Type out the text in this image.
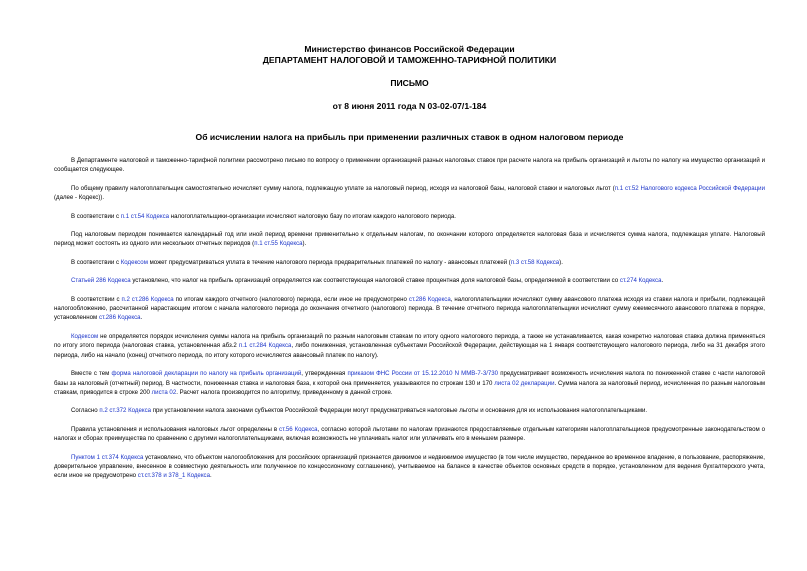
Министерство финансов Российской Федерации
ДЕПАРТАМЕНТ НАЛОГОВОЙ И ТАМОЖЕННО-ТАРИФНОЙ ПОЛИТИКИ
ПИСЬМО
от 8 июня 2011 года N 03-02-07/1-184
Об исчислении налога на прибыль при применении различных ставок в одном налоговом периоде

В Департаменте налоговой и таможенно-тарифной политики рассмотрено письмо по вопросу о применении организацией разных налоговых ставок при расчете налога на прибыль организаций и льготы по налогу на имущество организаций и сообщается следующее.

По общему правилу налогоплательщик самостоятельно исчисляет сумму налога, подлежащую уплате за налоговый период, исходя из налоговой базы, налоговой ставки и налоговых льгот (п.1 ст.52 Налогового кодекса Российской Федерации (далее - Кодекс)).

В соответствии с п.1 ст.54 Кодекса налогоплательщики-организации исчисляют налоговую базу по итогам каждого налогового периода.

Под налоговым периодом понимается календарный год или иной период времени применительно к отдельным налогам, по окончании которого определяется налоговая база и исчисляется сумма налога, подлежащая уплате. Налоговый период может состоять из одного или нескольких отчетных периодов (п.1 ст.55 Кодекса).

В соответствии с Кодексом может предусматриваться уплата в течение налогового периода предварительных платежей по налогу - авансовых платежей (п.3 ст.58 Кодекса).

Статьей 286 Кодекса установлено, что налог на прибыль организаций определяется как соответствующая налоговой ставке процентная доля налоговой базы, определяемой в соответствии со ст.274 Кодекса.

В соответствии с п.2 ст.286 Кодекса по итогам каждого отчетного (налогового) периода, если иное не предусмотрено ст.286 Кодекса, налогоплательщики исчисляют сумму авансового платежа исходя из ставки налога и прибыли, подлежащей налогообложению, рассчитанной нарастающим итогом с начала налогового периода до окончания отчетного (налогового) периода. В течение отчетного периода налогоплательщики исчисляют сумму ежемесячного авансового платежа в порядке, установленном ст.286 Кодекса.

Кодексом не определяется порядок исчисления суммы налога на прибыль организаций по разным налоговым ставкам по итогу одного налогового периода, а также не устанавливается, какая конкретно налоговая ставка должна применяться по итогу этого периода (налоговая ставка, установленная абз.2 п.1 ст.284 Кодекса, либо пониженная, установленная субъектами Российской Федерации, действующая на 1 января соответствующего налогового периода, либо на 31 декабря этого периода, либо на начало (конец) отчетного периода, по итогу которого исчисляется авансовый платеж по налогу).

Вместе с тем форма налоговой декларации по налогу на прибыль организаций, утвержденная приказом ФНС России от 15.12.2010 N ММВ-7-3/730 предусматривает возможность исчисления налога по пониженной ставке с части налоговой базы за налоговый (отчетный) период. В частности, пониженная ставка и налоговая база, к которой она применяется, указываются по строкам 130 и 170 листа 02 декларации. Сумма налога за налоговый период, исчисленная по разным налоговым ставкам, приводится в строке 200 листа 02. Расчет налога производится по алгоритму, приведенному в данной строке.

Согласно п.2 ст.372 Кодекса при установлении налога законами субъектов Российской Федерации могут предусматриваться налоговые льготы и основания для их использования налогоплательщиками.

Правила установления и использования налоговых льгот определены в ст.56 Кодекса, согласно которой льготами по налогам признаются предоставляемые отдельным категориям налогоплательщиков предусмотренные законодательством о налогах и сборах преимущества по сравнению с другими налогоплательщиками, включая возможность не уплачивать налог или уплачивать его в меньшем размере.

Пунктом 1 ст.374 Кодекса установлено, что объектом налогообложения для российских организаций признается движимое и недвижимое имущество (в том числе имущество, переданное во временное владение, в пользование, распоряжение, доверительное управление, внесенное в совместную деятельность или полученное по концессионному соглашению), учитываемое на балансе в качестве объектов основных средств в порядке, установленном для ведения бухгалтерского учета, если иное не предусмотрено ст.ст.378 и 378_1 Кодекса.
